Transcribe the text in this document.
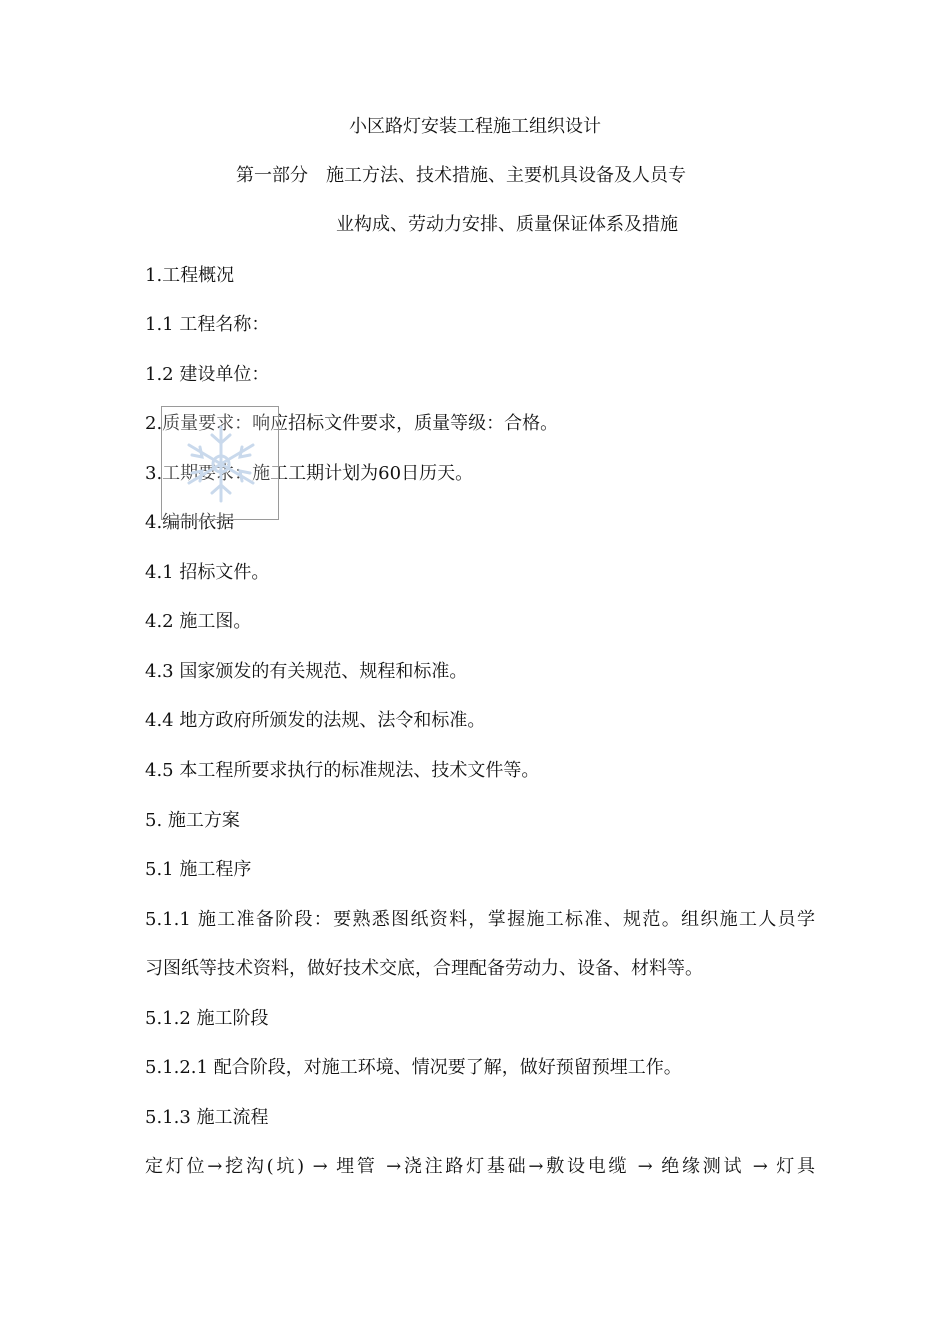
小区路灯安装工程施工组织设计
第一部分　施工方法、技术措施、主要机具设备及人员专
业构成、劳动力安排、质量保证体系及措施
1.工程概况
1.1 工程名称：
1.2 建设单位：
2.质量要求：响应招标文件要求，质量等级：合格。
3.工期要求：施工工期计划为60日历天。
4.编制依据
4.1 招标文件。
4.2 施工图。
4.3 国家颁发的有关规范、规程和标准。
4.4 地方政府所颁发的法规、法令和标准。
4.5 本工程所要求执行的标准规法、技术文件等。
5. 施工方案
5.1 施工程序
5.1.1 施工准备阶段：要熟悉图纸资料，掌握施工标准、规范。组织施工人员学
习图纸等技术资料，做好技术交底，合理配备劳动力、设备、材料等。
5.1.2 施工阶段
5.1.2.1 配合阶段，对施工环境、情况要了解，做好预留预埋工作。
5.1.3 施工流程
定灯位→挖沟(坑) → 埋管 →浇注路灯基础→敷设电缆 → 绝缘测试 → 灯具
